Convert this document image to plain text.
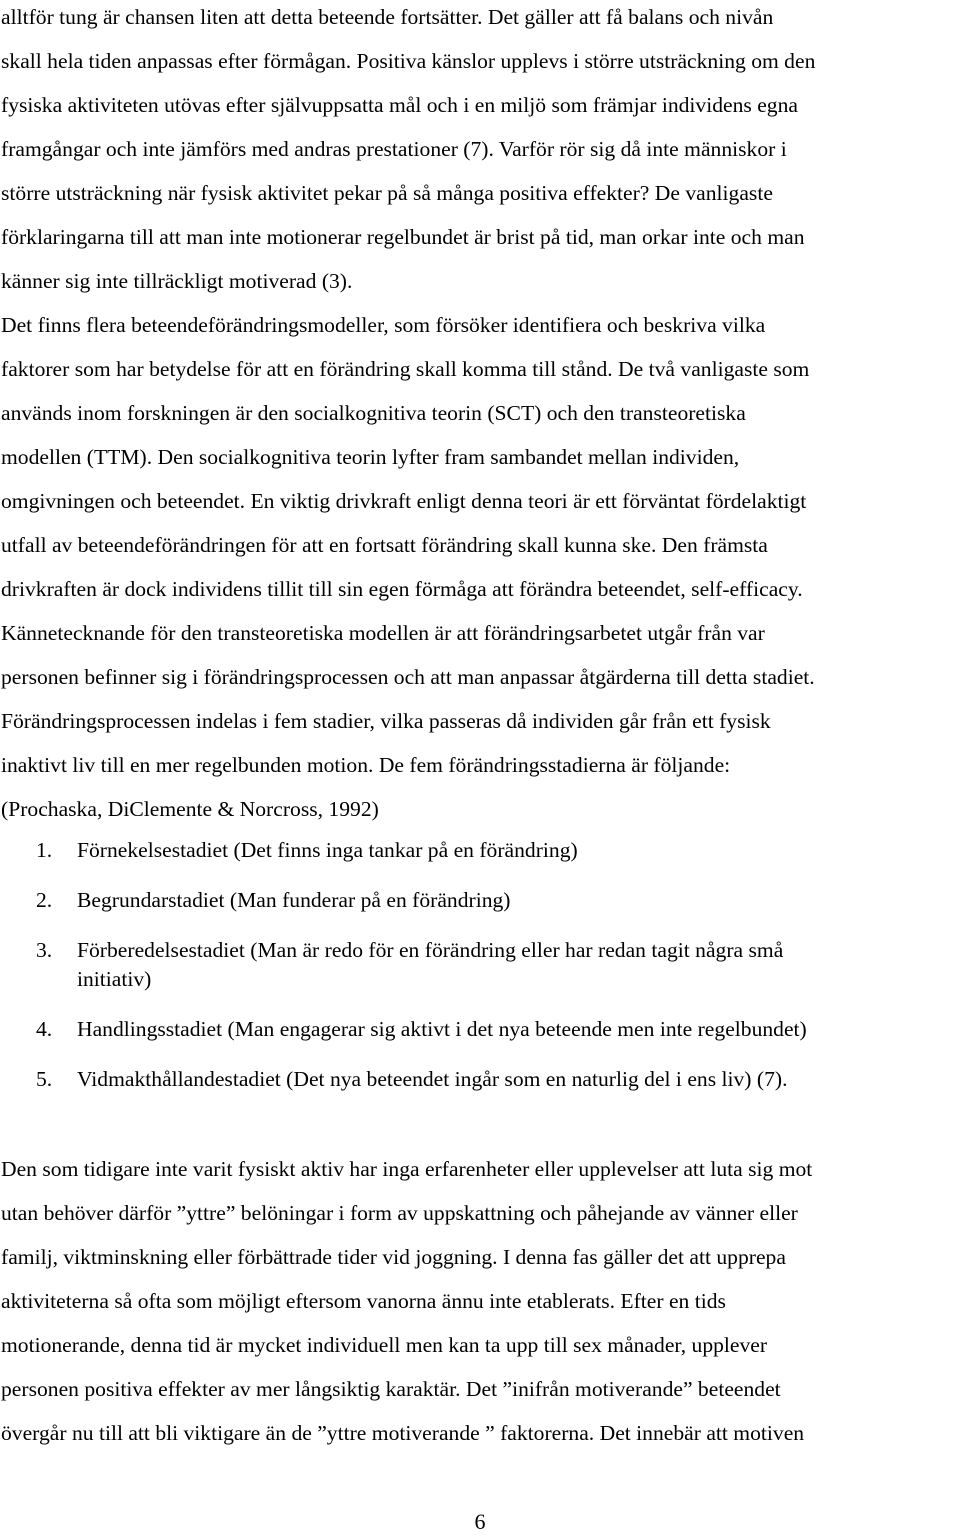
alltför tung är chansen liten att detta beteende fortsätter. Det gäller att få balans och nivån
skall hela tiden anpassas efter förmågan. Positiva känslor upplevs i större utsträckning om den
fysiska aktiviteten utövas efter självuppsatta mål och i en miljö som främjar individens egna
framgångar och inte jämförs med andras prestationer (7). Varför rör sig då inte människor i
större utsträckning när fysisk aktivitet pekar på så många positiva effekter? De vanligaste
förklaringarna till att man inte motionerar regelbundet är brist på tid, man orkar inte och man
känner sig inte tillräckligt motiverad (3).
Det finns flera beteendeförändringsmodeller, som försöker identifiera och beskriva vilka
faktorer som har betydelse för att en förändring skall komma till stånd. De två vanligaste som
används inom forskningen är den socialkognitiva teorin (SCT) och den transteoretiska
modellen (TTM). Den socialkognitiva teorin lyfter fram sambandet mellan individen,
omgivningen och beteendet. En viktig drivkraft enligt denna teori är ett förväntat fördelaktigt
utfall av beteendeförändringen för att en fortsatt förändring skall kunna ske. Den främsta
drivkraften är dock individens tillit till sin egen förmåga att förändra beteendet, self-efficacy.
Kännetecknande för den transteoretiska modellen är att förändringsarbetet utgår från var
personen befinner sig i förändringsprocessen och att man anpassar åtgärderna till detta stadiet.
Förändringsprocessen indelas i fem stadier, vilka passeras då individen går från ett fysisk
inaktivt liv till en mer regelbunden motion. De fem förändringsstadierna är följande:
(Prochaska, DiClemente & Norcross, 1992)
1. Förnekelsestadiet (Det finns inga tankar på en förändring)
2. Begrundarstadiet (Man funderar på en förändring)
3. Förberedelsestadiet (Man är redo för en förändring eller har redan tagit några små
initiativ)
4. Handlingsstadiet (Man engagerar sig aktivt i det nya beteende men inte regelbundet)
5. Vidmakthållandestadiet (Det nya beteendet ingår som en naturlig del i ens liv) (7).
Den som tidigare inte varit fysiskt aktiv har inga erfarenheter eller upplevelser att luta sig mot
utan behöver därför ”yttre” belöningar i form av uppskattning och påhejande av vänner eller
familj, viktminskning eller förbättrade tider vid joggning. I denna fas gäller det att upprepa
aktiviteterna så ofta som möjligt eftersom vanorna ännu inte etablerats. Efter en tids
motionerande, denna tid är mycket individuell men kan ta upp till sex månader, upplever
personen positiva effekter av mer långsiktig karaktär. Det ”inifrån motiverande” beteendet
övergår nu till att bli viktigare än de ”yttre motiverande ” faktorerna. Det innebär att motiven
6
